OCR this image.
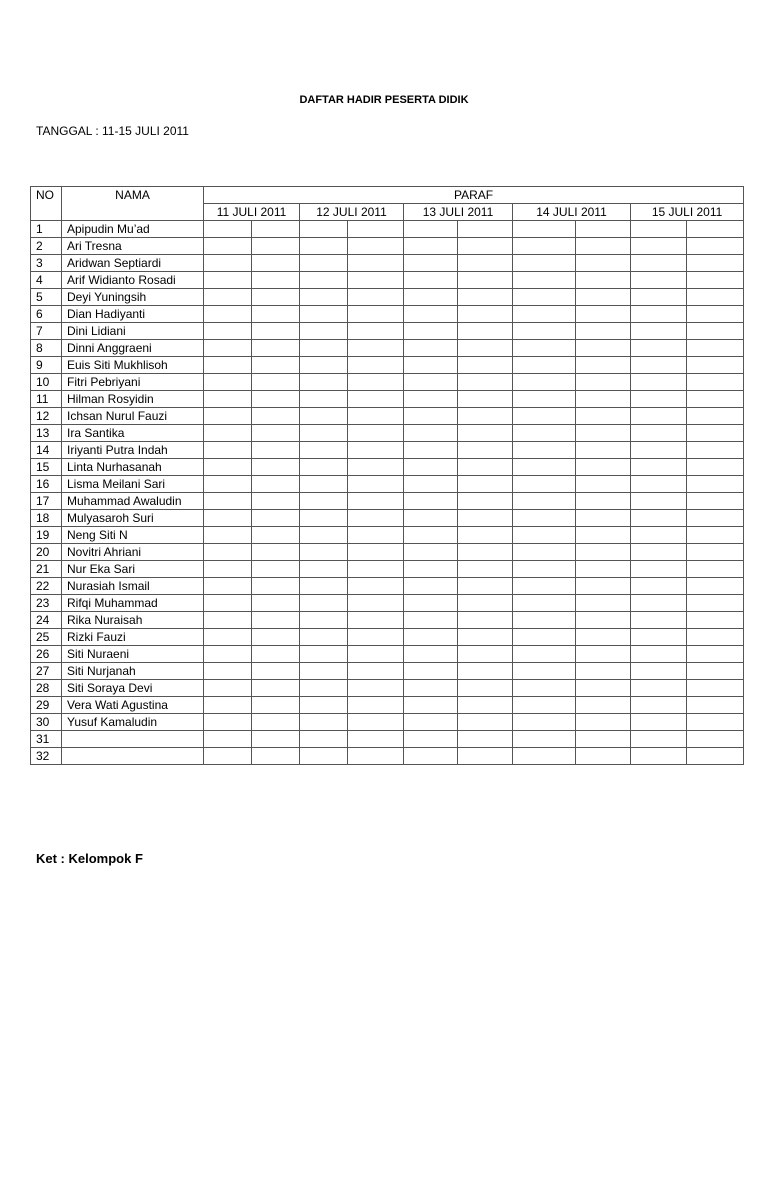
DAFTAR HADIR PESERTA DIDIK
TANGGAL : 11-15 JULI 2011
NO	NAMA	PARAF									
		11 JULI 2011		12 JULI 2011		13 JULI 2011		14 JULI 2011		15 JULI 2011	
1	Apipudin Mu’ad										
2	Ari Tresna										
3	Aridwan Septiardi										
4	Arif Widianto Rosadi										
5	Deyi Yuningsih										
6	Dian Hadiyanti										
7	Dini Lidiani										
8	Dinni Anggraeni										
9	Euis Siti Mukhlisoh										
10	Fitri Pebriyani										
11	Hilman Rosyidin										
12	Ichsan Nurul Fauzi										
13	Ira Santika										
14	Iriyanti Putra Indah										
15	Linta Nurhasanah										
16	Lisma Meilani Sari										
17	Muhammad Awaludin										
18	Mulyasaroh Suri										
19	Neng Siti N										
20	Novitri Ahriani										
21	Nur Eka Sari										
22	Nurasiah Ismail										
23	Rifqi Muhammad										
24	Rika Nuraisah										
25	Rizki Fauzi										
26	Siti Nuraeni										
27	Siti Nurjanah										
28	Siti Soraya Devi										
29	Vera Wati Agustina										
30	Yusuf Kamaludin										
31											
32											
Ket : Kelompok F
